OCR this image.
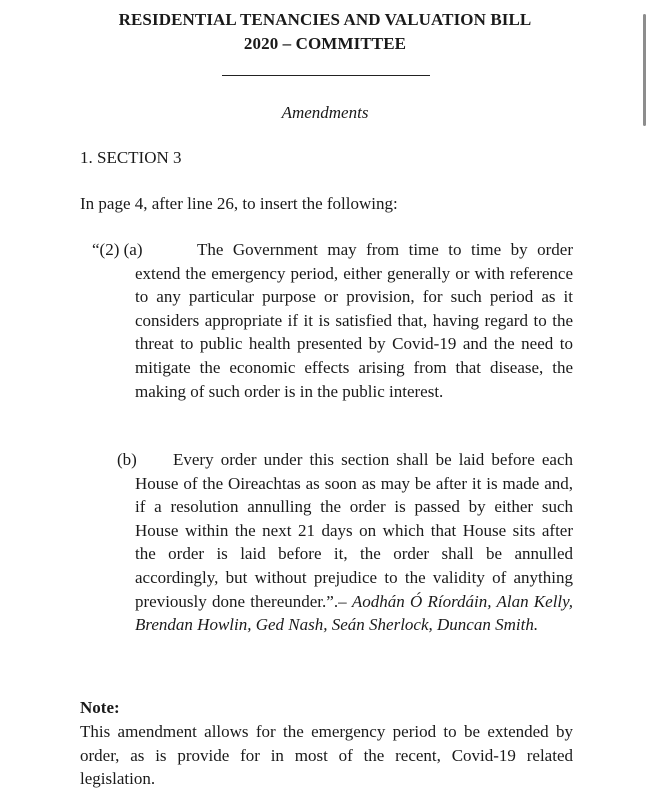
RESIDENTIAL TENANCIES AND VALUATION BILL
2020 – COMMITTEE
Amendments
1. SECTION 3
In page 4, after line 26, to insert the following:
“(2) (a)	The Government may from time to time by order extend the emergency period, either generally or with reference to any particular purpose or provision, for such period as it considers appropriate if it is satisfied that, having regard to the threat to public health presented by Covid-19 and the need to mitigate the economic effects arising from that disease, the making of such order is in the public interest.
(b)	Every order under this section shall be laid before each House of the Oireachtas as soon as may be after it is made and, if a resolution annulling the order is passed by either such House within the next 21 days on which that House sits after the order is laid before it, the order shall be annulled accordingly, but without prejudice to the validity of anything previously done thereunder.”.– Aodhán Ó Ríordáin, Alan Kelly, Brendan Howlin, Ged Nash, Seán Sherlock, Duncan Smith.
Note:
This amendment allows for the emergency period to be extended by order, as is provide for in most of the recent, Covid-19 related legislation.
